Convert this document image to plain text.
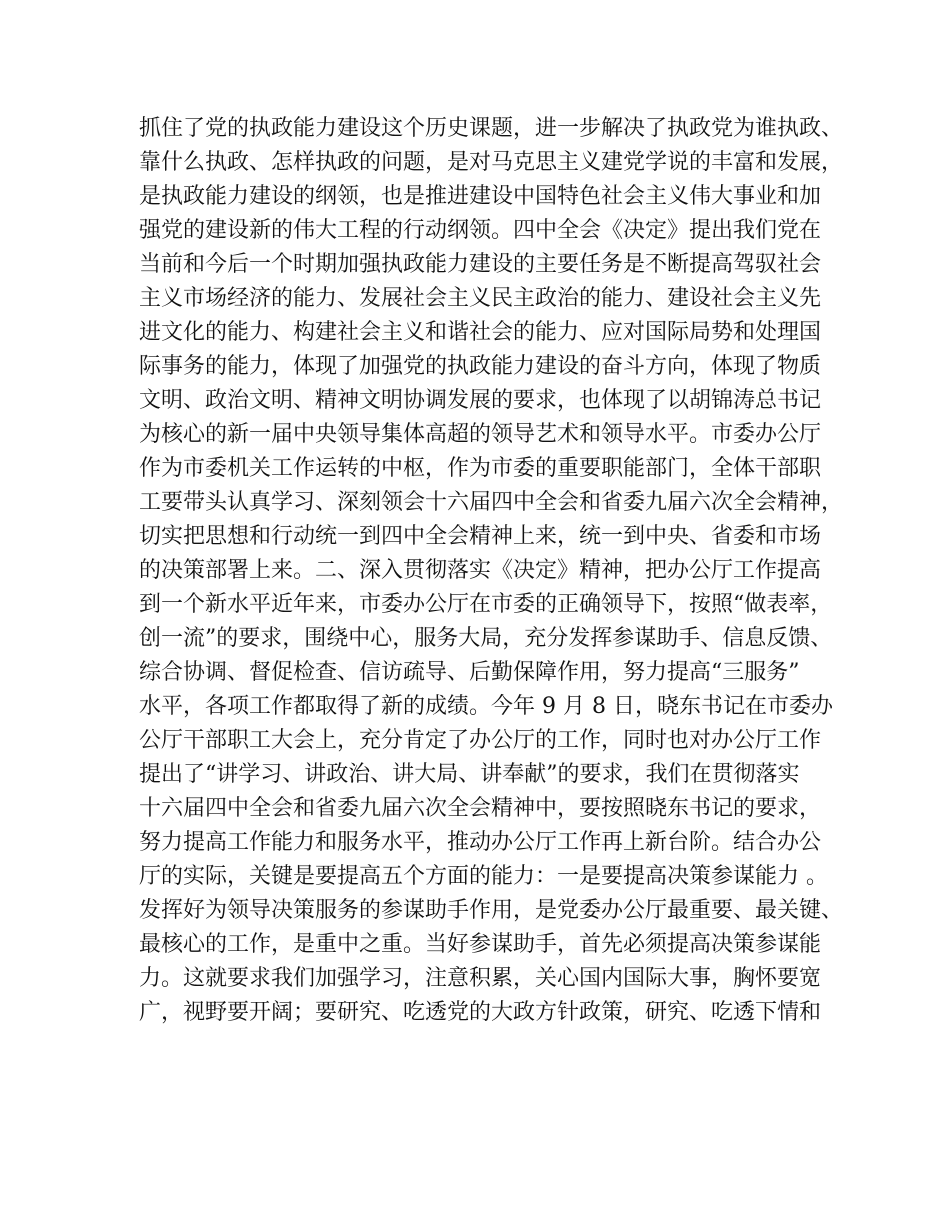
抓住了党的执政能力建设这个历史课题，进一步解决了执政党为谁执政、
靠什么执政、怎样执政的问题，是对马克思主义建党学说的丰富和发展，
是执政能力建设的纲领，也是推进建设中国特色社会主义伟大事业和加
强党的建设新的伟大工程的行动纲领。四中全会《决定》提出我们党在
当前和今后一个时期加强执政能力建设的主要任务是不断提高驾驭社会
主义市场经济的能力、发展社会主义民主政治的能力、建设社会主义先
进文化的能力、构建社会主义和谐社会的能力、应对国际局势和处理国
际事务的能力，体现了加强党的执政能力建设的奋斗方向，体现了物质
文明、政治文明、精神文明协调发展的要求，也体现了以胡锦涛总书记
为核心的新一届中央领导集体高超的领导艺术和领导水平。市委办公厅
作为市委机关工作运转的中枢，作为市委的重要职能部门，全体干部职
工要带头认真学习、深刻领会十六届四中全会和省委九届六次全会精神，
切实把思想和行动统一到四中全会精神上来，统一到中央、省委和市场
的决策部署上来。二、深入贯彻落实《决定》精神，把办公厅工作提高
到一个新水平近年来，市委办公厅在市委的正确领导下，按照“做表率，
创一流”的要求，围绕中心，服务大局，充分发挥参谋助手、信息反馈、
综合协调、督促检查、信访疏导、后勤保障作用，努力提高“三服务”
水平，各项工作都取得了新的成绩。今年 9 月 8 日，晓东书记在市委办
公厅干部职工大会上，充分肯定了办公厅的工作，同时也对办公厅工作
提出了“讲学习、讲政治、讲大局、讲奉献”的要求，我们在贯彻落实
十六届四中全会和省委九届六次全会精神中，要按照晓东书记的要求，
努力提高工作能力和服务水平，推动办公厅工作再上新台阶。结合办公
厅的实际，关键是要提高五个方面的能力：一是要提高决策参谋能力 。
发挥好为领导决策服务的参谋助手作用，是党委办公厅最重要、最关键、
最核心的工作，是重中之重。当好参谋助手，首先必须提高决策参谋能
力。这就要求我们加强学习，注意积累，关心国内国际大事，胸怀要宽
广，视野要开阔；要研究、吃透党的大政方针政策，研究、吃透下情和
